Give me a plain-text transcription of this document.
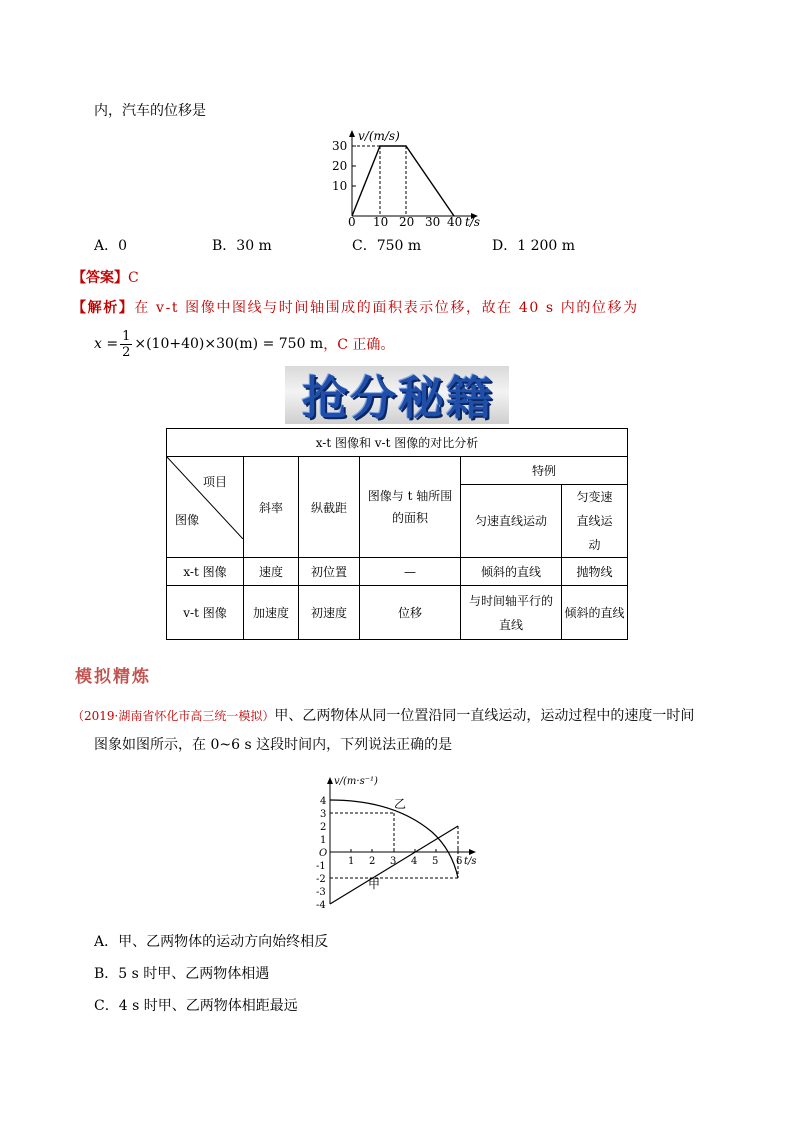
内，汽车的位移是
v/(m/s)
30
20
10
0 10 20 30 40 t/s
A．0	B．30 m	C．750 m	D．1 200 m
【答案】C
【解析】在 v-t 图像中图线与时间轴围成的面积表示位移，故在 40 s 内的位移为
$x = \frac{1}{2} \times(10+40)\times 30(m) = 750$ m ，C 正确。
抢 分 秘 籍
x-t 图像和 v-t 图像的对比分析					

项目
图像	斜率	纵截距	图像与 t 轴所围的面积	特例	
				匀速直线运动	匀变速直线运动
x-t 图像	速度	初位置	—	倾斜的直线	抛物线
v-t 图像	加速度	初速度	位移	与时间轴平行的直线	倾斜的直线
模拟精炼
（2019·湖南省怀化市高三统一模拟）甲、乙两物体从同一位置沿同一直线运动，运动过程中的速度一时间
图象如图所示，在 0~6 s 这段时间内，下列说法正确的是
v/(m·s⁻¹)
4
3
2
1
O
-1
-2
-3
-4
1 2 3 4 5 6 t/s
乙
甲
A．甲、乙两物体的运动方向始终相反
B．5 s 时甲、乙两物体相遇
C．4 s 时甲、乙两物体相距最远
